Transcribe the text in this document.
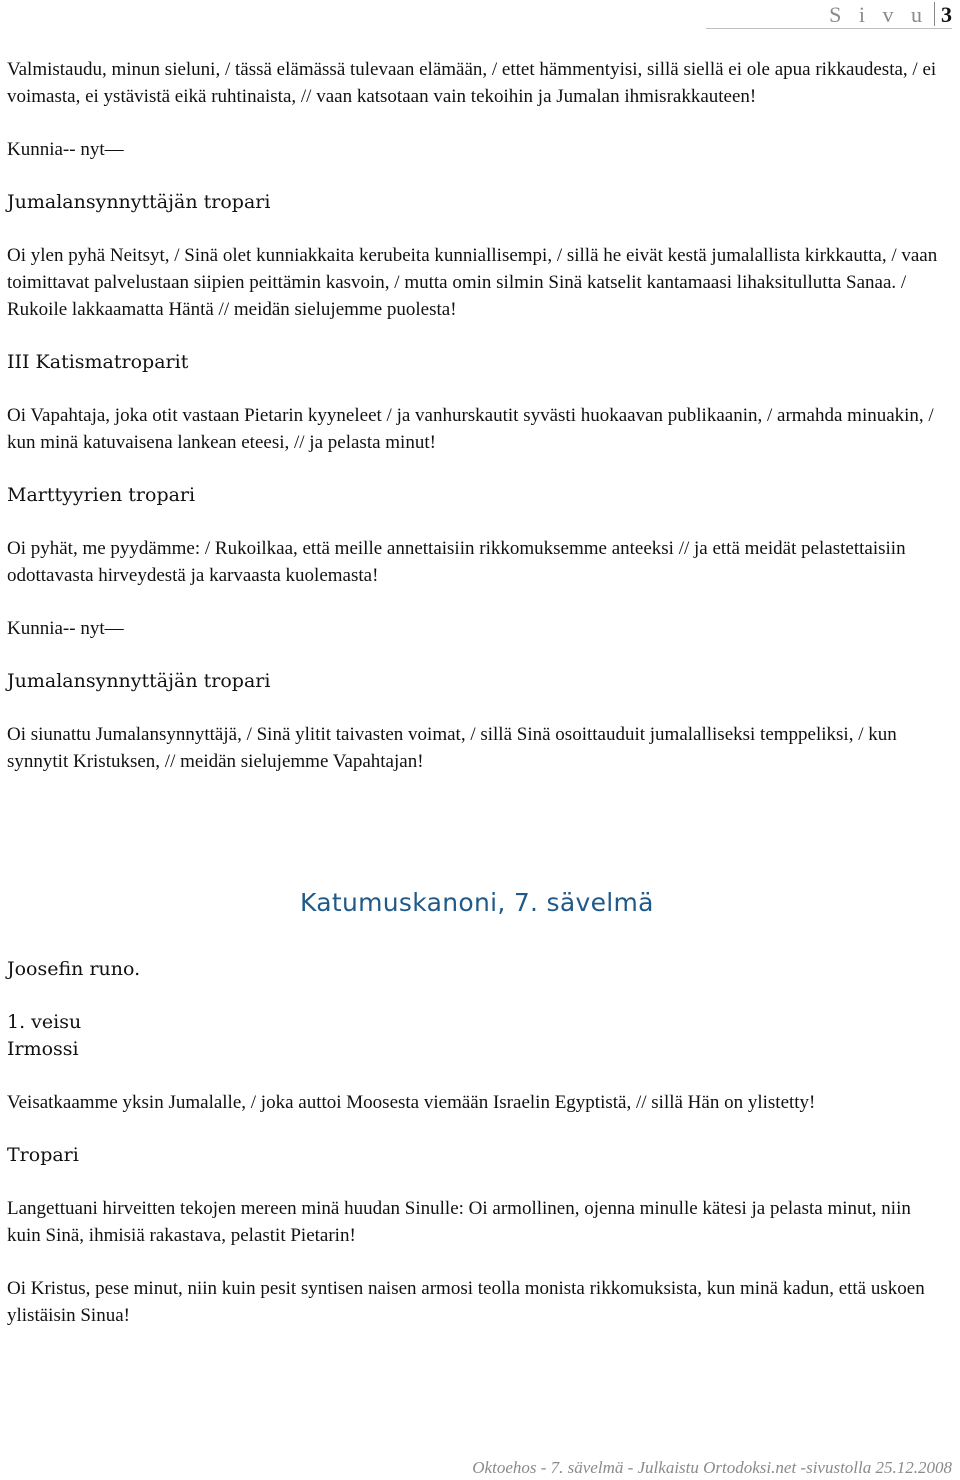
S i v u 3

Valmistaudu, minun sieluni, / tässä elämässä tulevaan elämään, / ettet hämmentyisi, sillä siellä ei ole apua rikkaudesta, / ei voimasta, ei ystävistä eikä ruhtinaista, // vaan katsotaan vain tekoihin ja Jumalan ihmisrakkauteen!

Kunnia-- nyt—

Jumalansynnyttäjän tropari

Oi ylen pyhä Neitsyt, / Sinä olet kunniakkaita kerubeita kunniallisempi, / sillä he eivät kestä jumalallista kirkkautta, / vaan toimittavat palvelustaan siipien peittämin kasvoin, / mutta omin silmin Sinä katselit kantamaasi lihaksitullutta Sanaa. / Rukoile lakkaamatta Häntä // meidän sielujemme puolesta!

III Katismatroparit

Oi Vapahtaja, joka otit vastaan Pietarin kyyneleet / ja vanhurskautit syvästi huokaavan publikaanin, / armahda minuakin, / kun minä katuvaisena lankean eteesi, // ja pelasta minut!

Marttyyrien tropari

Oi pyhät, me pyydämme: / Rukoilkaa, että meille annettaisiin rikkomuksemme anteeksi // ja että meidät pelastettaisiin odottavasta hirveydestä ja karvaasta kuolemasta!

Kunnia-- nyt—

Jumalansynnyttäjän tropari

Oi siunattu Jumalansynnyttäjä, / Sinä ylitit taivasten voimat, / sillä Sinä osoittauduit jumalalliseksi temppeliksi, / kun synnytit Kristuksen, // meidän sielujemme Vapahtajan!

Katumuskanoni, 7. sävelmä

Joosefin runo.

1. veisu

Irmossi

Veisatkaamme yksin Jumalalle, / joka auttoi Moosesta viemään Israelin Egyptistä, // sillä Hän on ylistetty!

Tropari

Langettuani hirveitten tekojen mereen minä huudan Sinulle: Oi armollinen, ojenna minulle kätesi ja pelasta minut, niin kuin Sinä, ihmisiä rakastava, pelastit Pietarin!

Oi Kristus, pese minut, niin kuin pesit syntisen naisen armosi teolla monista rikkomuksista, kun minä kadun, että uskoen ylistäisin Sinua!

Oktoehos - 7. sävelmä - Julkaistu Ortodoksi.net -sivustolla 25.12.2008
